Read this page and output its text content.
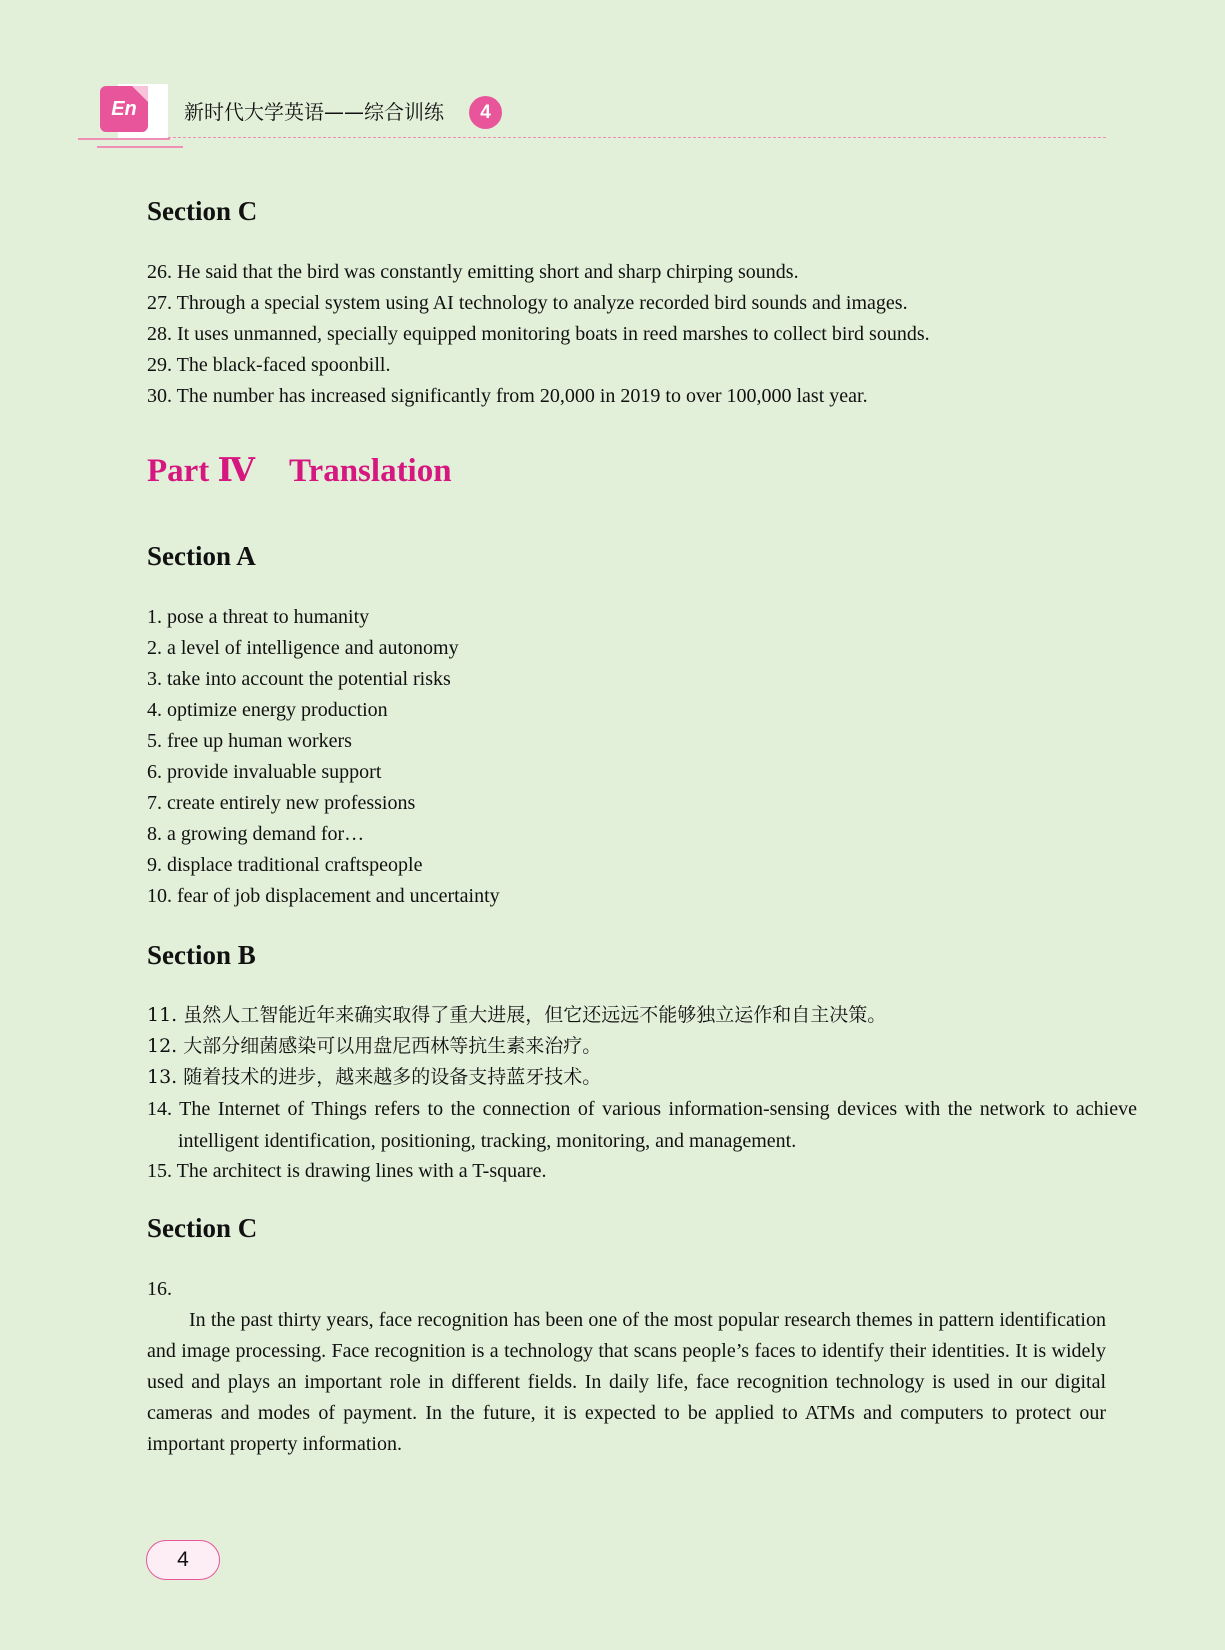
En 新时代大学英语——综合训练	4
Section C
26. He said that the bird was constantly emitting short and sharp chirping sounds.
27. Through a special system using AI technology to analyze recorded bird sounds and images.
28. It uses unmanned, specially equipped monitoring boats in reed marshes to collect bird sounds.
29. The black-faced spoonbill.
30. The number has increased significantly from 20,000 in 2019 to over 100,000 last year.
Part Ⅳ Translation
Section A
1. pose a threat to humanity
2. a level of intelligence and autonomy
3. take into account the potential risks
4. optimize energy production
5. free up human workers
6. provide invaluable support
7. create entirely new professions
8. a growing demand for…
9. displace traditional craftspeople
10. fear of job displacement and uncertainty
Section B
11. 虽然人工智能近年来确实取得了重大进展，但它还远远不能够独立运作和自主决策。
12. 大部分细菌感染可以用盘尼西林等抗生素来治疗。
13. 随着技术的进步，越来越多的设备支持蓝牙技术。
14. The Internet of Things refers to the connection of various information-sensing devices with the network to achieve intelligent identification, positioning, tracking, monitoring, and management.
15. The architect is drawing lines with a T-square.
Section C
16.

In the past thirty years, face recognition has been one of the most popular research themes in pattern identification and image processing. Face recognition is a technology that scans people’s faces to identify their identities. It is widely used and plays an important role in different fields. In daily life, face recognition technology is used in our digital cameras and modes of payment. In the future, it is expected to be applied to ATMs and computers to protect our important property information.

4
